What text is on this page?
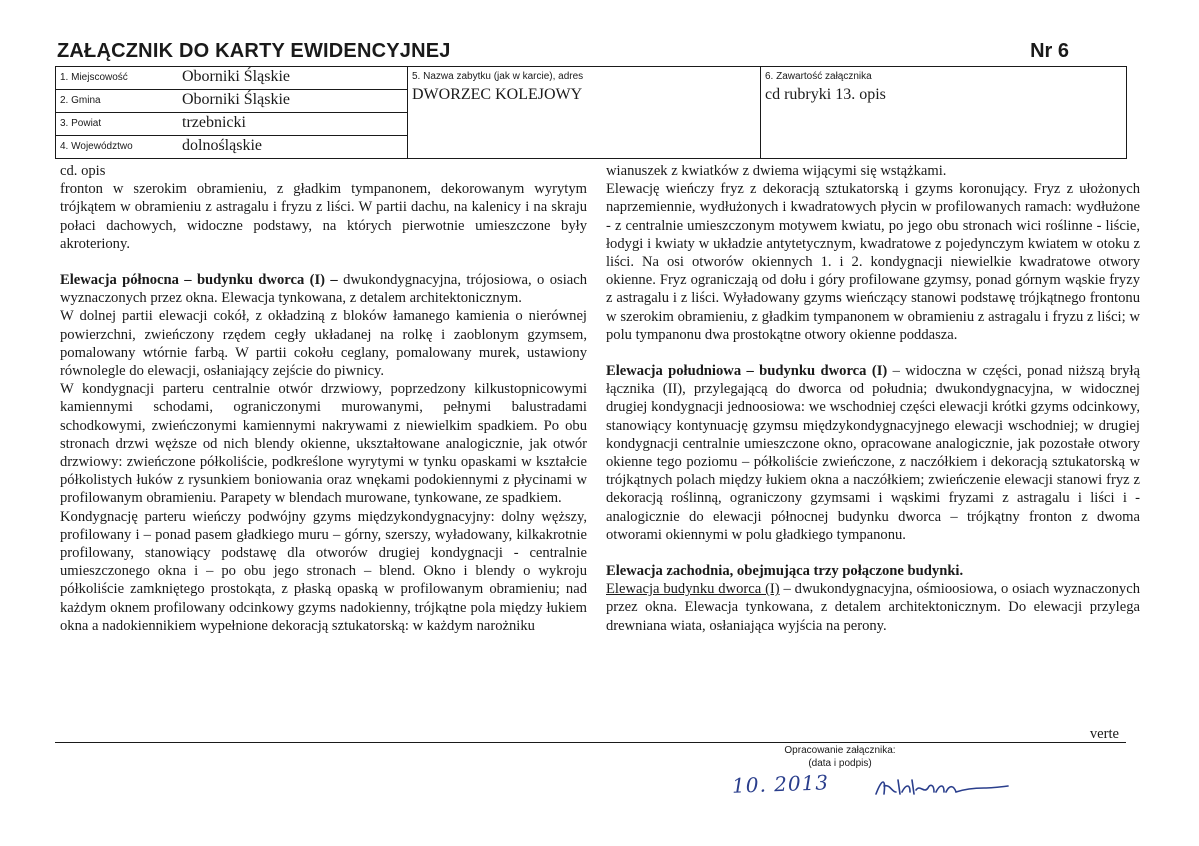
ZAŁĄCZNIK DO KARTY EWIDENCYJNEJ	Nr 6
1. Miejscowość	Oborniki Śląskie	5. Nazwa zabytku (jak w karcie), adres
DWORZEC KOLEJOWY

6. Zawartość załącznika
cd rubryki 13. opis

2. Gmina	Oborniki Śląskie

3. Powiat	trzebnicki

4. Województwo	dolnośląskie

cd. opis

fronton w szerokim obramieniu, z gładkim tympanonem, dekorowanym wyrytym trójkątem w obramieniu z astragalu i fryzu z liści. W partii dachu, na kalenicy i na skraju połaci dachowych, widoczne podstawy, na których pierwotnie umieszczone były akroteriony.

Elewacja północna – budynku dworca (I) – dwukondygnacyjna, trójosiowa, o osiach wyznaczonych przez okna. Elewacja tynkowana, z detalem architektonicznym.

W dolnej partii elewacji cokół, z okładziną z bloków łamanego kamienia o nierównej powierzchni, zwieńczony rzędem cegły układanej na rolkę i zaoblonym gzymsem, pomalowany wtórnie farbą. W partii cokołu ceglany, pomalowany murek, ustawiony równolegle do elewacji, osłaniający zejście do piwnicy.

W kondygnacji parteru centralnie otwór drzwiowy, poprzedzony kilkustopnicowymi kamiennymi schodami, ograniczonymi murowanymi, pełnymi balustradami schodkowymi, zwieńczonymi kamiennymi nakrywami z niewielkim spadkiem. Po obu stronach drzwi węższe od nich blendy okienne, ukształtowane analogicznie, jak otwór drzwiowy: zwieńczone półkoliście, podkreślone wyrytymi w tynku opaskami w kształcie półkolistych łuków z rysunkiem boniowania oraz wnękami podokiennymi z płycinami w profilowanym obramieniu. Parapety w blendach murowane, tynkowane, ze spadkiem.

Kondygnację parteru wieńczy podwójny gzyms międzykondygnacyjny: dolny węższy, profilowany i – ponad pasem gładkiego muru – górny, szerszy, wyładowany, kilkakrotnie profilowany, stanowiący podstawę dla otworów drugiej kondygnacji - centralnie umieszczonego okna i – po obu jego stronach – blend. Okno i blendy o wykroju półkoliście zamkniętego prostokąta, z płaską opaską w profilowanym obramieniu; nad każdym oknem profilowany odcinkowy gzyms nadokienny, trójkątne pola między łukiem okna a nadokiennikiem wypełnione dekoracją sztukatorską: w każdym narożniku

wianuszek z kwiatków z dwiema wijącymi się wstążkami.

Elewację wieńczy fryz z dekoracją sztukatorską i gzyms koronujący. Fryz z ułożonych naprzemiennie, wydłużonych i kwadratowych płycin w profilowanych ramach: wydłużone - z centralnie umieszczonym motywem kwiatu, po jego obu stronach wici roślinne - liście, łodygi i kwiaty w układzie antytetycznym, kwadratowe z pojedynczym kwiatem w otoku z liści. Na osi otworów okiennych 1. i 2. kondygnacji niewielkie kwadratowe otwory okienne. Fryz ograniczają od dołu i góry profilowane gzymsy, ponad górnym wąskie fryzy z astragalu i z liści. Wyładowany gzyms wieńczący stanowi podstawę trójkątnego frontonu w szerokim obramieniu, z gładkim tympanonem w obramieniu z astragalu i fryzu z liści; w polu tympanonu dwa prostokątne otwory okienne poddasza.

Elewacja południowa – budynku dworca (I) – widoczna w części, ponad niższą bryłą łącznika (II), przylegającą do dworca od południa; dwukondygnacyjna, w widocznej drugiej kondygnacji jednoosiowa: we wschodniej części elewacji krótki gzyms odcinkowy, stanowiący kontynuację gzymsu międzykondygnacyjnego elewacji wschodniej; w drugiej kondygnacji centralnie umieszczone okno, opracowane analogicznie, jak pozostałe otwory okienne tego poziomu – półkoliście zwieńczone, z naczółkiem i dekoracją sztukatorską w trójkątnych polach między łukiem okna a naczółkiem; zwieńczenie elewacji stanowi fryz z dekoracją roślinną, ograniczony gzymsami i wąskimi fryzami z astragalu i liści i - analogicznie do elewacji północnej budynku dworca – trójkątny fronton z dwoma otworami okiennymi w polu gładkiego tympanonu.

Elewacja zachodnia, obejmująca trzy połączone budynki.

Elewacja budynku dworca (I) – dwukondygnacyjna, ośmioosiowa, o osiach wyznaczonych przez okna. Elewacja tynkowana, z detalem architektonicznym. Do elewacji przylega drewniana wiata, osłaniająca wyjścia na perony.

verte
Opracowanie załącznika:
(data i podpis)
10. 2013
